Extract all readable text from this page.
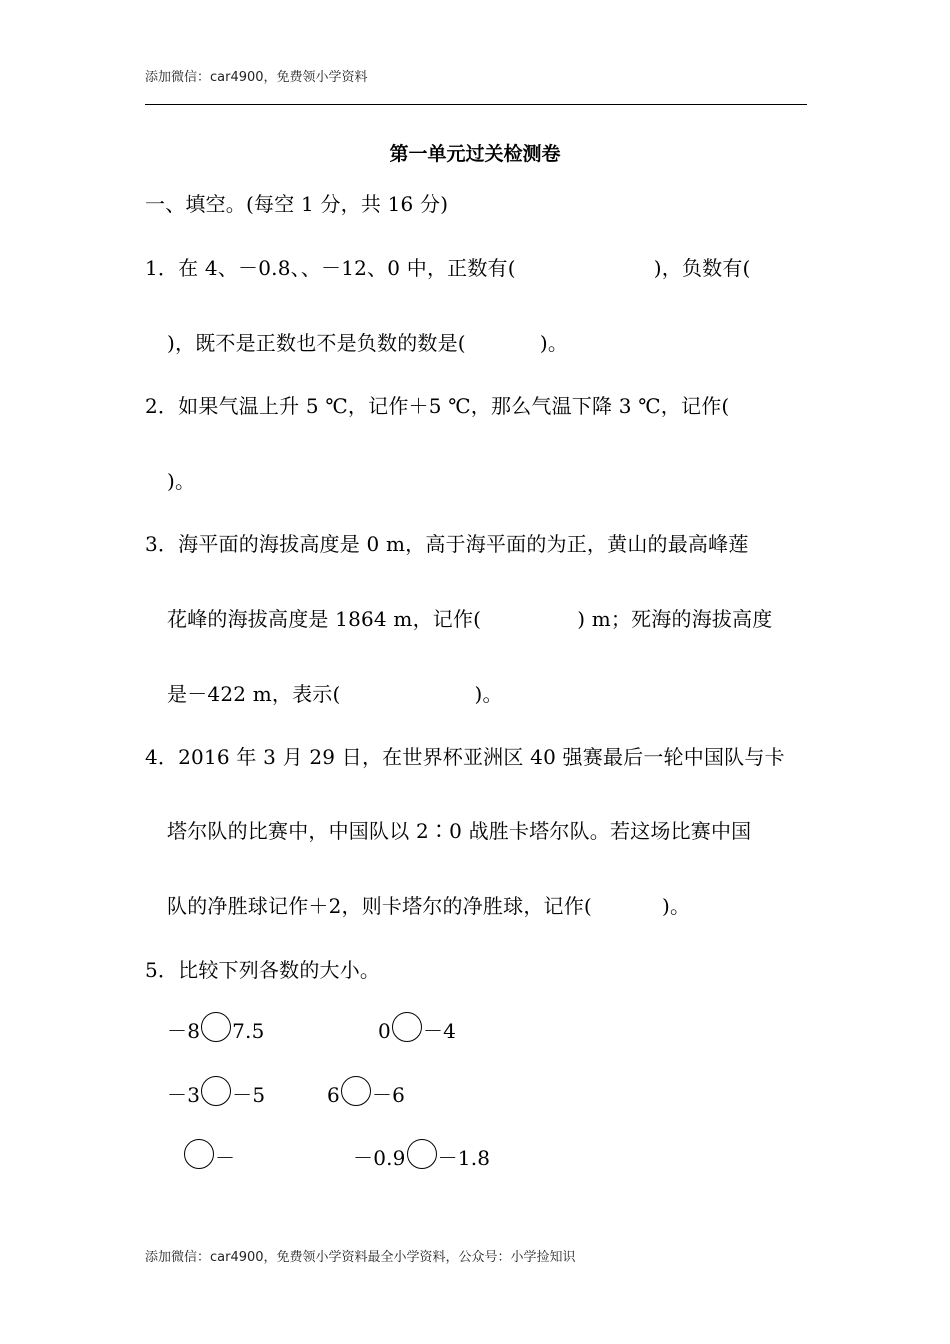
添加微信：car4900，免费领小学资料
第一单元过关检测卷
一、填空。(每空 1 分，共 16 分)
1．在 4、－0.8、、－12、0 中，正数有(	)，负数有(
)，既不是正数也不是负数的数是(	)。
2．如果气温上升 5 ℃，记作＋5 ℃，那么气温下降 3 ℃，记作(
)。
3．海平面的海拔高度是 0 m，高于海平面的为正，黄山的最高峰莲
花峰的海拔高度是 1864 m，记作(	) m；死海的海拔高度
是－422 m，表示(	)。
4．2016 年 3 月 29 日，在世界杯亚洲区 40 强赛最后一轮中国队与卡
塔尔队的比赛中，中国队以 2∶0 战胜卡塔尔队。若这场比赛中国
队的净胜球记作＋2，则卡塔尔的净胜球，记作(	)。
5．比较下列各数的大小。
－8 7.5	0 －4
－3 －5	6 －6
－	－0.9 －1.8
添加微信：car4900，免费领小学资料最全小学资料，公众号：小学捡知识
